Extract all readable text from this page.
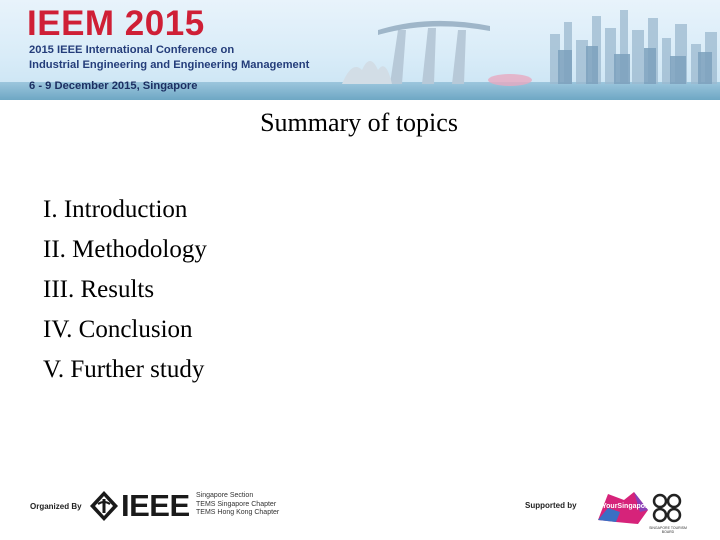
IEEM 2015
2015 IEEE International Conference on
Industrial Engineering and Engineering Management
6 - 9 December 2015, Singapore
Summary of topics
I. Introduction
II. Methodology
III. Results
IV. Conclusion
V. Further study
Organized By IEEE Singapore Section
TEMS Singapore Chapter
TEMS Hong Kong Chapter
Supported by	YourSingapore
SINGAPORE TOURISM BOARD
